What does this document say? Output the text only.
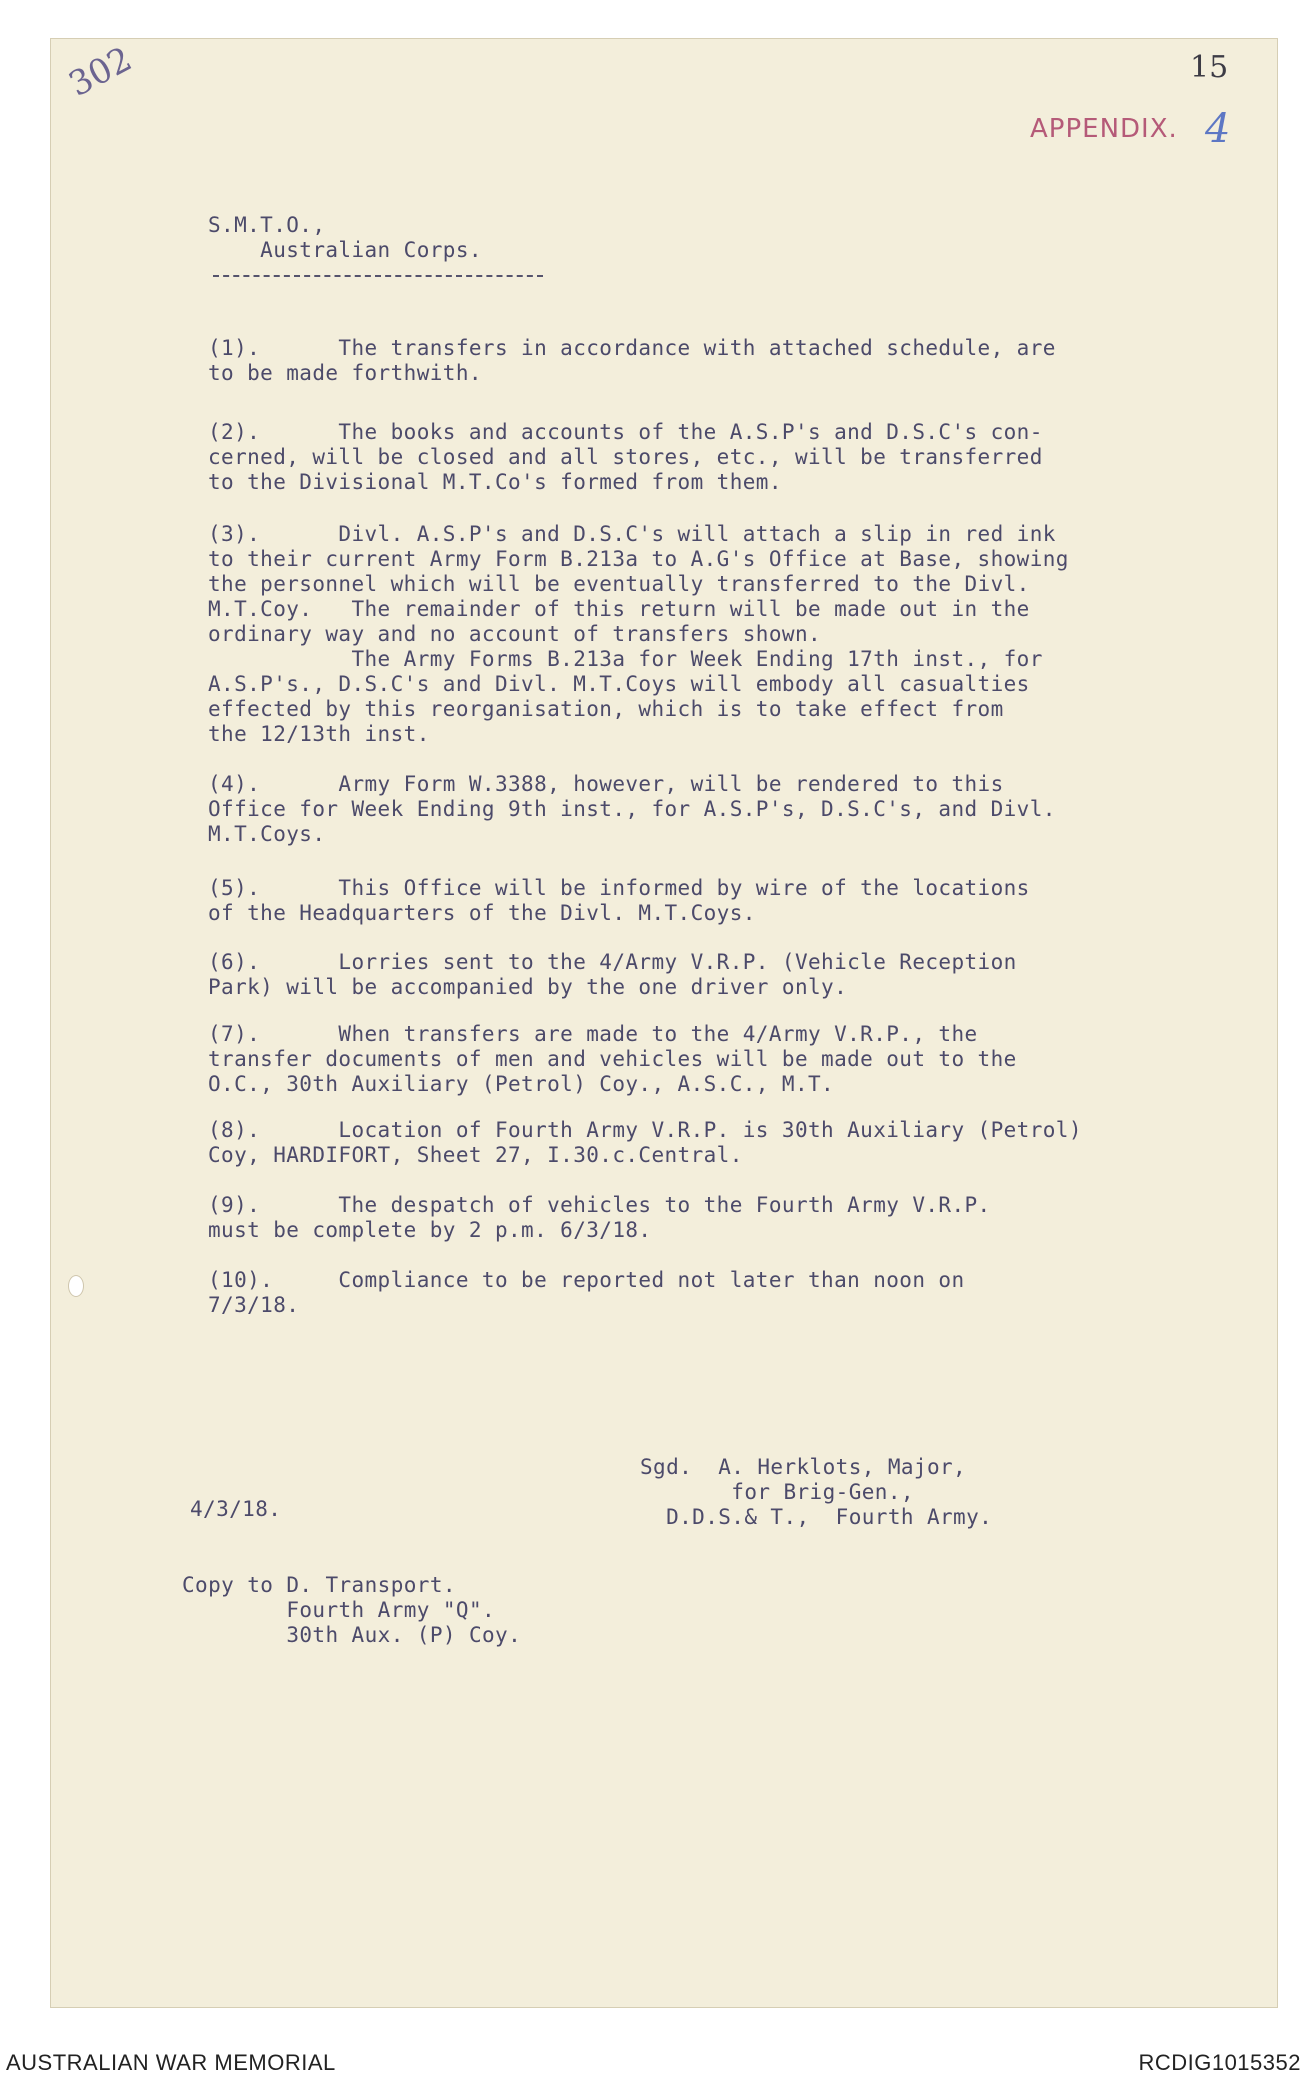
302	15
APPENDIX. 4
S.M.T.O.,
Australian Corps.
(1).      The transfers in accordance with attached schedule, are
to be made forthwith.
(2).      The books and accounts of the A.S.P's and D.S.C's con-
cerned, will be closed and all stores, etc., will be transferred
to the Divisional M.T.Co's formed from them.
(3).      Divl. A.S.P's and D.S.C's will attach a slip in red ink
to their current Army Form B.213a to A.G's Office at Base, showing
the personnel which will be eventually transferred to the Divl.
M.T.Coy.   The remainder of this return will be made out in the
ordinary way and no account of transfers shown.
The Army Forms B.213a for Week Ending 17th inst., for
A.S.P's., D.S.C's and Divl. M.T.Coys will embody all casualties
effected by this reorganisation, which is to take effect from
the 12/13th inst.
(4).      Army Form W.3388, however, will be rendered to this
Office for Week Ending 9th inst., for A.S.P's, D.S.C's, and Divl.
M.T.Coys.
(5).      This Office will be informed by wire of the locations
of the Headquarters of the Divl. M.T.Coys.
(6).      Lorries sent to the 4/Army V.R.P. (Vehicle Reception
Park) will be accompanied by the one driver only.
(7).      When transfers are made to the 4/Army V.R.P., the
transfer documents of men and vehicles will be made out to the
O.C., 30th Auxiliary (Petrol) Coy., A.S.C., M.T.
(8).      Location of Fourth Army V.R.P. is 30th Auxiliary (Petrol)
Coy, HARDIFORT, Sheet 27, I.30.c.Central.
(9).      The despatch of vehicles to the Fourth Army V.R.P.
must be complete by 2 p.m. 6/3/18.
(10).     Compliance to be reported not later than noon on
7/3/18.
Sgd.  A. Herklots, Major,
for Brig-Gen.,
D.D.S.& T.,  Fourth Army.
4/3/18.
Copy to D. Transport.
Fourth Army "Q".
30th Aux. (P) Coy.
AUSTRALIAN WAR MEMORIAL	RCDIG1015352
